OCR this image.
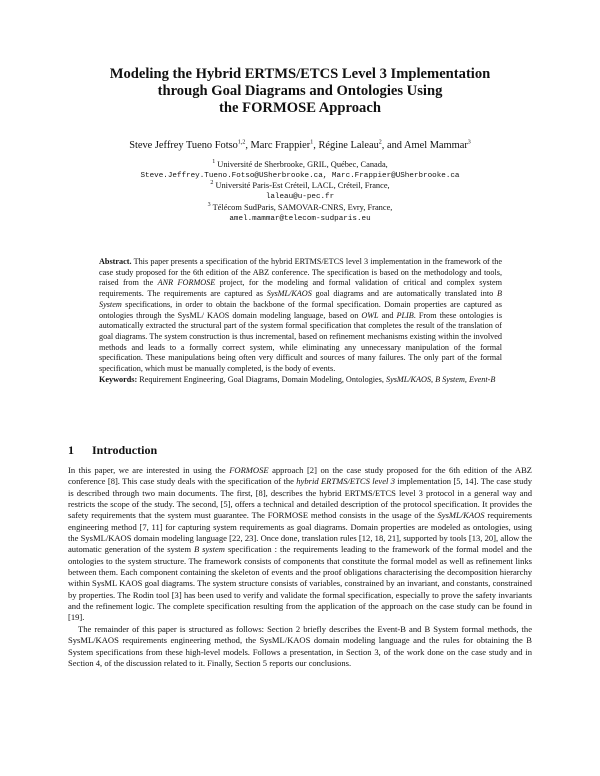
Modeling the Hybrid ERTMS/ETCS Level 3 Implementation
through Goal Diagrams and Ontologies Using
the FORMOSE Approach
Steve Jeffrey Tueno Fotso$^{1,2}$, Marc Frappier$^1$, Régine Laleau$^2$, and Amel Mammar$^3$
$^1$ Université de Sherbrooke, GRIL, Québec, Canada,
Steve.Jeffrey.Tueno.Fotso@USherbrooke.ca, Marc.Frappier@USherbrooke.ca
$^2$ Université Paris-Est Créteil, LACL, Créteil, France,
laleau@u-pec.fr
$^3$ Télécom SudParis, SAMOVAR-CNRS, Evry, France,
amel.mammar@telecom-sudparis.eu
Abstract. This paper presents a specification of the hybrid ERTMS/ETCS level 3 implementation in the framework of the case study proposed for the 6th edition of the ABZ conference. The specification is based on the methodology and tools, raised from the ANR FORMOSE project, for the modeling and formal validation of critical and complex system requirements. The requirements are captured as SysML/KAOS goal diagrams and are automatically translated into B System specifications, in order to obtain the backbone of the formal specification. Domain properties are captured as ontologies through the SysML/ KAOS domain modeling language, based on OWL and PLIB. From these ontologies is automatically extracted the structural part of the system formal specification that completes the result of the translation of goal diagrams. The system construction is thus incremental, based on refinement mechanisms existing within the involved methods and leads to a formally correct system, while eliminating any unnecessary manipulation of the formal specification. These manipulations being often very difficult and sources of many failures. The only part of the formal specification, which must be manually completed, is the body of events.
Keywords: Requirement Engineering, Goal Diagrams, Domain Modeling, Ontologies, SysML/KAOS, B System, Event-B
1 Introduction

In this paper, we are interested in using the FORMOSE approach [2] on the case study proposed for the 6th edition of the ABZ conference [8]. This case study deals with the specification of the hybrid ERTMS/ETCS level 3 implementation [5, 14]. The case study is described through two main documents. The first, [8], describes the hybrid ERTMS/ETCS level 3 protocol in a general way and restricts the scope of the study. The second, [5], offers a technical and detailed description of the protocol specification. It provides the safety requirements that the system must guarantee. The FORMOSE method consists in the usage of the SysML/KAOS requirements engineering method [7, 11] for capturing system requirements as goal diagrams. Domain properties are modeled as ontologies, using the SysML/KAOS domain modeling language [22, 23]. Once done, translation rules [12, 18, 21], supported by tools [13, 20], allow the automatic generation of the system B system specification : the requirements leading to the framework of the formal model and the ontologies to the system structure. The framework consists of components that constitute the formal model as well as refinement links between them. Each component containing the skeleton of events and the proof obligations characterising the decomposition hierarchy within SysML KAOS goal diagrams. The system structure consists of variables, constrained by an invariant, and constants, constrained by properties. The Rodin tool [3] has been used to verify and validate the formal specification, especially to prove the safety invariants and the refinement logic. The complete specification resulting from the application of the approach on the case study can be found in [19].

The remainder of this paper is structured as follows: Section 2 briefly describes the Event-B and B System formal methods, the SysML/KAOS requirements engineering method, the SysML/KAOS domain modeling language and the rules for obtaining the B System specifications from these high-level models. Follows a presentation, in Section 3, of the work done on the case study and in Section 4, of the discussion related to it. Finally, Section 5 reports our conclusions.
